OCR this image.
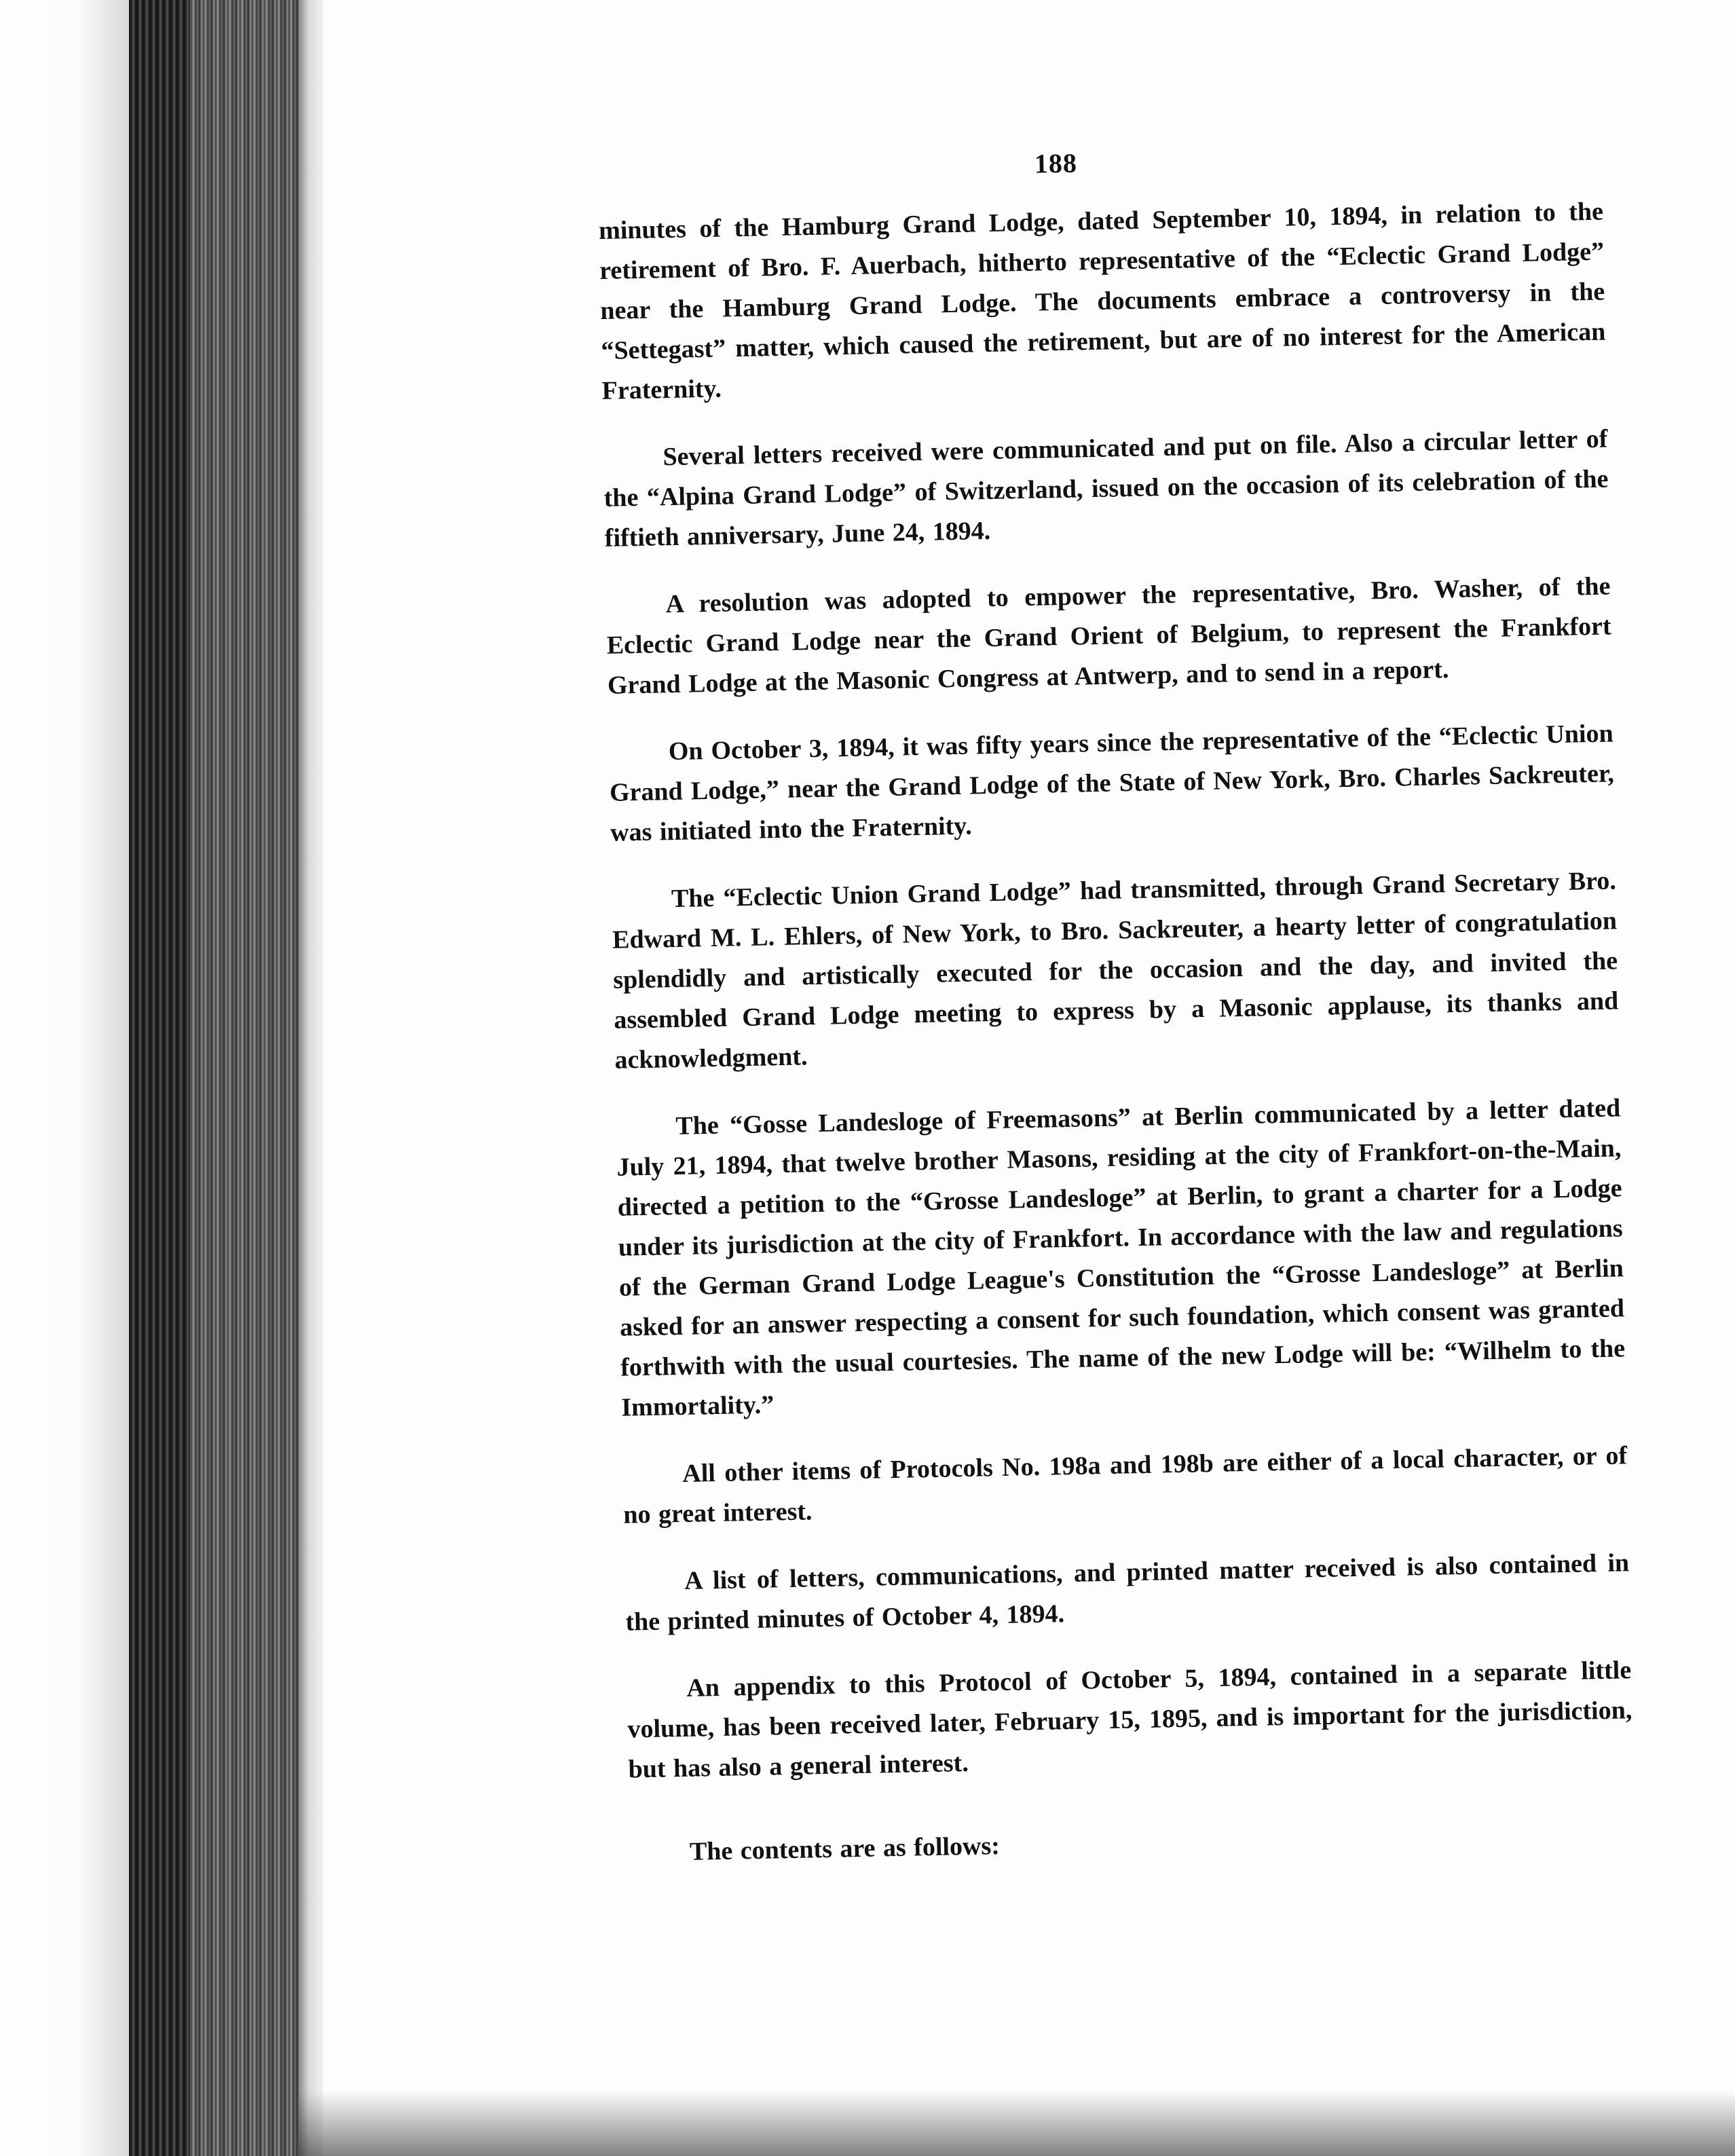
188

minutes of the Hamburg Grand Lodge, dated September 10, 1894, in relation to the retirement of Bro. F. Auerbach, hitherto representative of the “Eclectic Grand Lodge” near the Hamburg Grand Lodge. The documents embrace a controversy in the “Settegast” matter, which caused the retirement, but are of no interest for the American Fraternity.

Several letters received were communicated and put on file. Also a circular letter of the “Alpina Grand Lodge” of Switzerland, issued on the occasion of its celebration of the fiftieth anniversary, June 24, 1894.

A resolution was adopted to empower the representative, Bro. Washer, of the Eclectic Grand Lodge near the Grand Orient of Belgium, to represent the Frankfort Grand Lodge at the Masonic Congress at Antwerp, and to send in a report.

On October 3, 1894, it was fifty years since the representative of the “Eclectic Union Grand Lodge,” near the Grand Lodge of the State of New York, Bro. Charles Sackreuter, was initiated into the Fraternity.

The “Eclectic Union Grand Lodge” had transmitted, through Grand Secretary Bro. Edward M. L. Ehlers, of New York, to Bro. Sackreuter, a hearty letter of congratulation splendidly and artistically executed for the occasion and the day, and invited the assembled Grand Lodge meeting to express by a Masonic applause, its thanks and acknowledgment.

The “Gosse Landesloge of Freemasons” at Berlin communicated by a letter dated July 21, 1894, that twelve brother Masons, residing at the city of Frankfort-on-the-Main, directed a petition to the “Grosse Landesloge” at Berlin, to grant a charter for a Lodge under its jurisdiction at the city of Frankfort. In accordance with the law and regulations of the German Grand Lodge League's Constitution the “Grosse Landesloge” at Berlin asked for an answer respecting a consent for such foundation, which consent was granted forthwith with the usual courtesies. The name of the new Lodge will be: “Wilhelm to the Immortality.”

All other items of Protocols No. 198a and 198b are either of a local character, or of no great interest.

A list of letters, communications, and printed matter received is also contained in the printed minutes of October 4, 1894.

An appendix to this Protocol of October 5, 1894, contained in a separate little volume, has been received later, February 15, 1895, and is important for the jurisdiction, but has also a general interest.

The contents are as follows:
